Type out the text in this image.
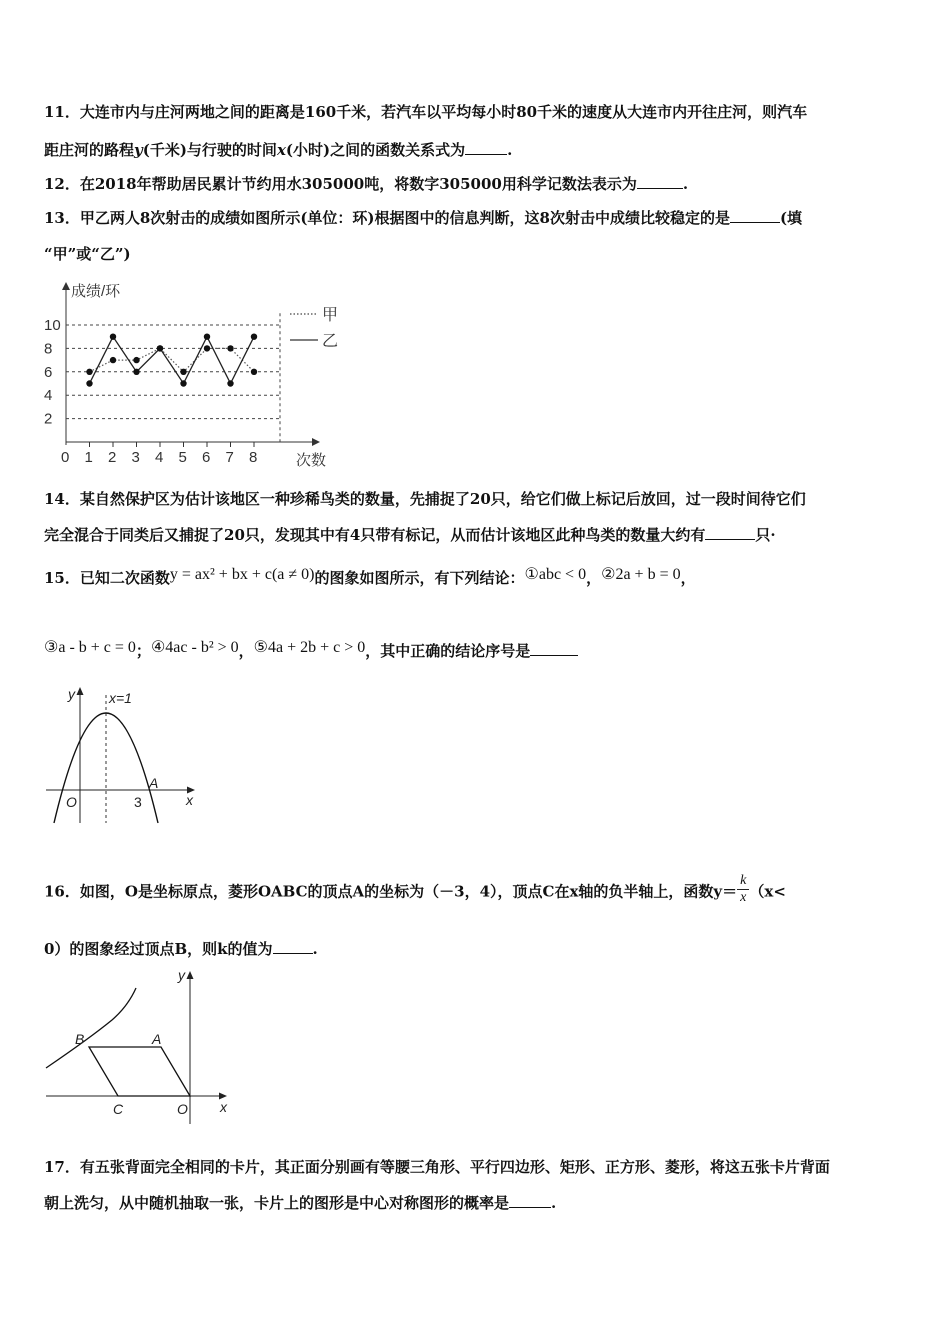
11．大连市内与庄河两地之间的距离是160千米，若汽车以平均每小时80千米的速度从大连市内开往庄河，则汽车
距庄河的路程y(千米)与行驶的时间x(小时)之间的函数关系式为	.
12．在2018年帮助居民累计节约用水305000吨，将数字305000用科学记数法表示为	.
13．甲乙两人8次射击的成绩如图所示(单位：环)根据图中的信息判断，这8次射击中成绩比较稳定的是	(填
“甲”或“乙”)
2
4
6
8
10
0 1 2 3 4 5 6 7 8
成绩/环
次数
甲
乙
14．某自然保护区为估计该地区一种珍稀鸟类的数量，先捕捉了20只，给它们做上标记后放回，过一段时间待它们
完全混合于同类后又捕捉了20只，发现其中有4只带有标记，从而估计该地区此种鸟类的数量大约有	只·
15．已知二次函数y = ax² + bx + c(a ≠ 0)的图象如图所示，有下列结论：①abc < 0，②2a + b = 0，
③a - b + c = 0；④4ac - b² > 0，⑤4a + 2b + c > 0，其中正确的结论序号是
y x=1
A
O	3	x
16．如图，O是坐标原点，菱形OABC的顶点A的坐标为（－3，4），顶点C在x轴的负半轴上，函数$y= \frac{k}{x} (x<$
0）的图象经过顶点B，则k的值为	.
y
B	A
C	O x
17．有五张背面完全相同的卡片，其正面分别画有等腰三角形、平行四边形、矩形、正方形、菱形，将这五张卡片背面
朝上洗匀，从中随机抽取一张，卡片上的图形是中心对称图形的概率是	.
